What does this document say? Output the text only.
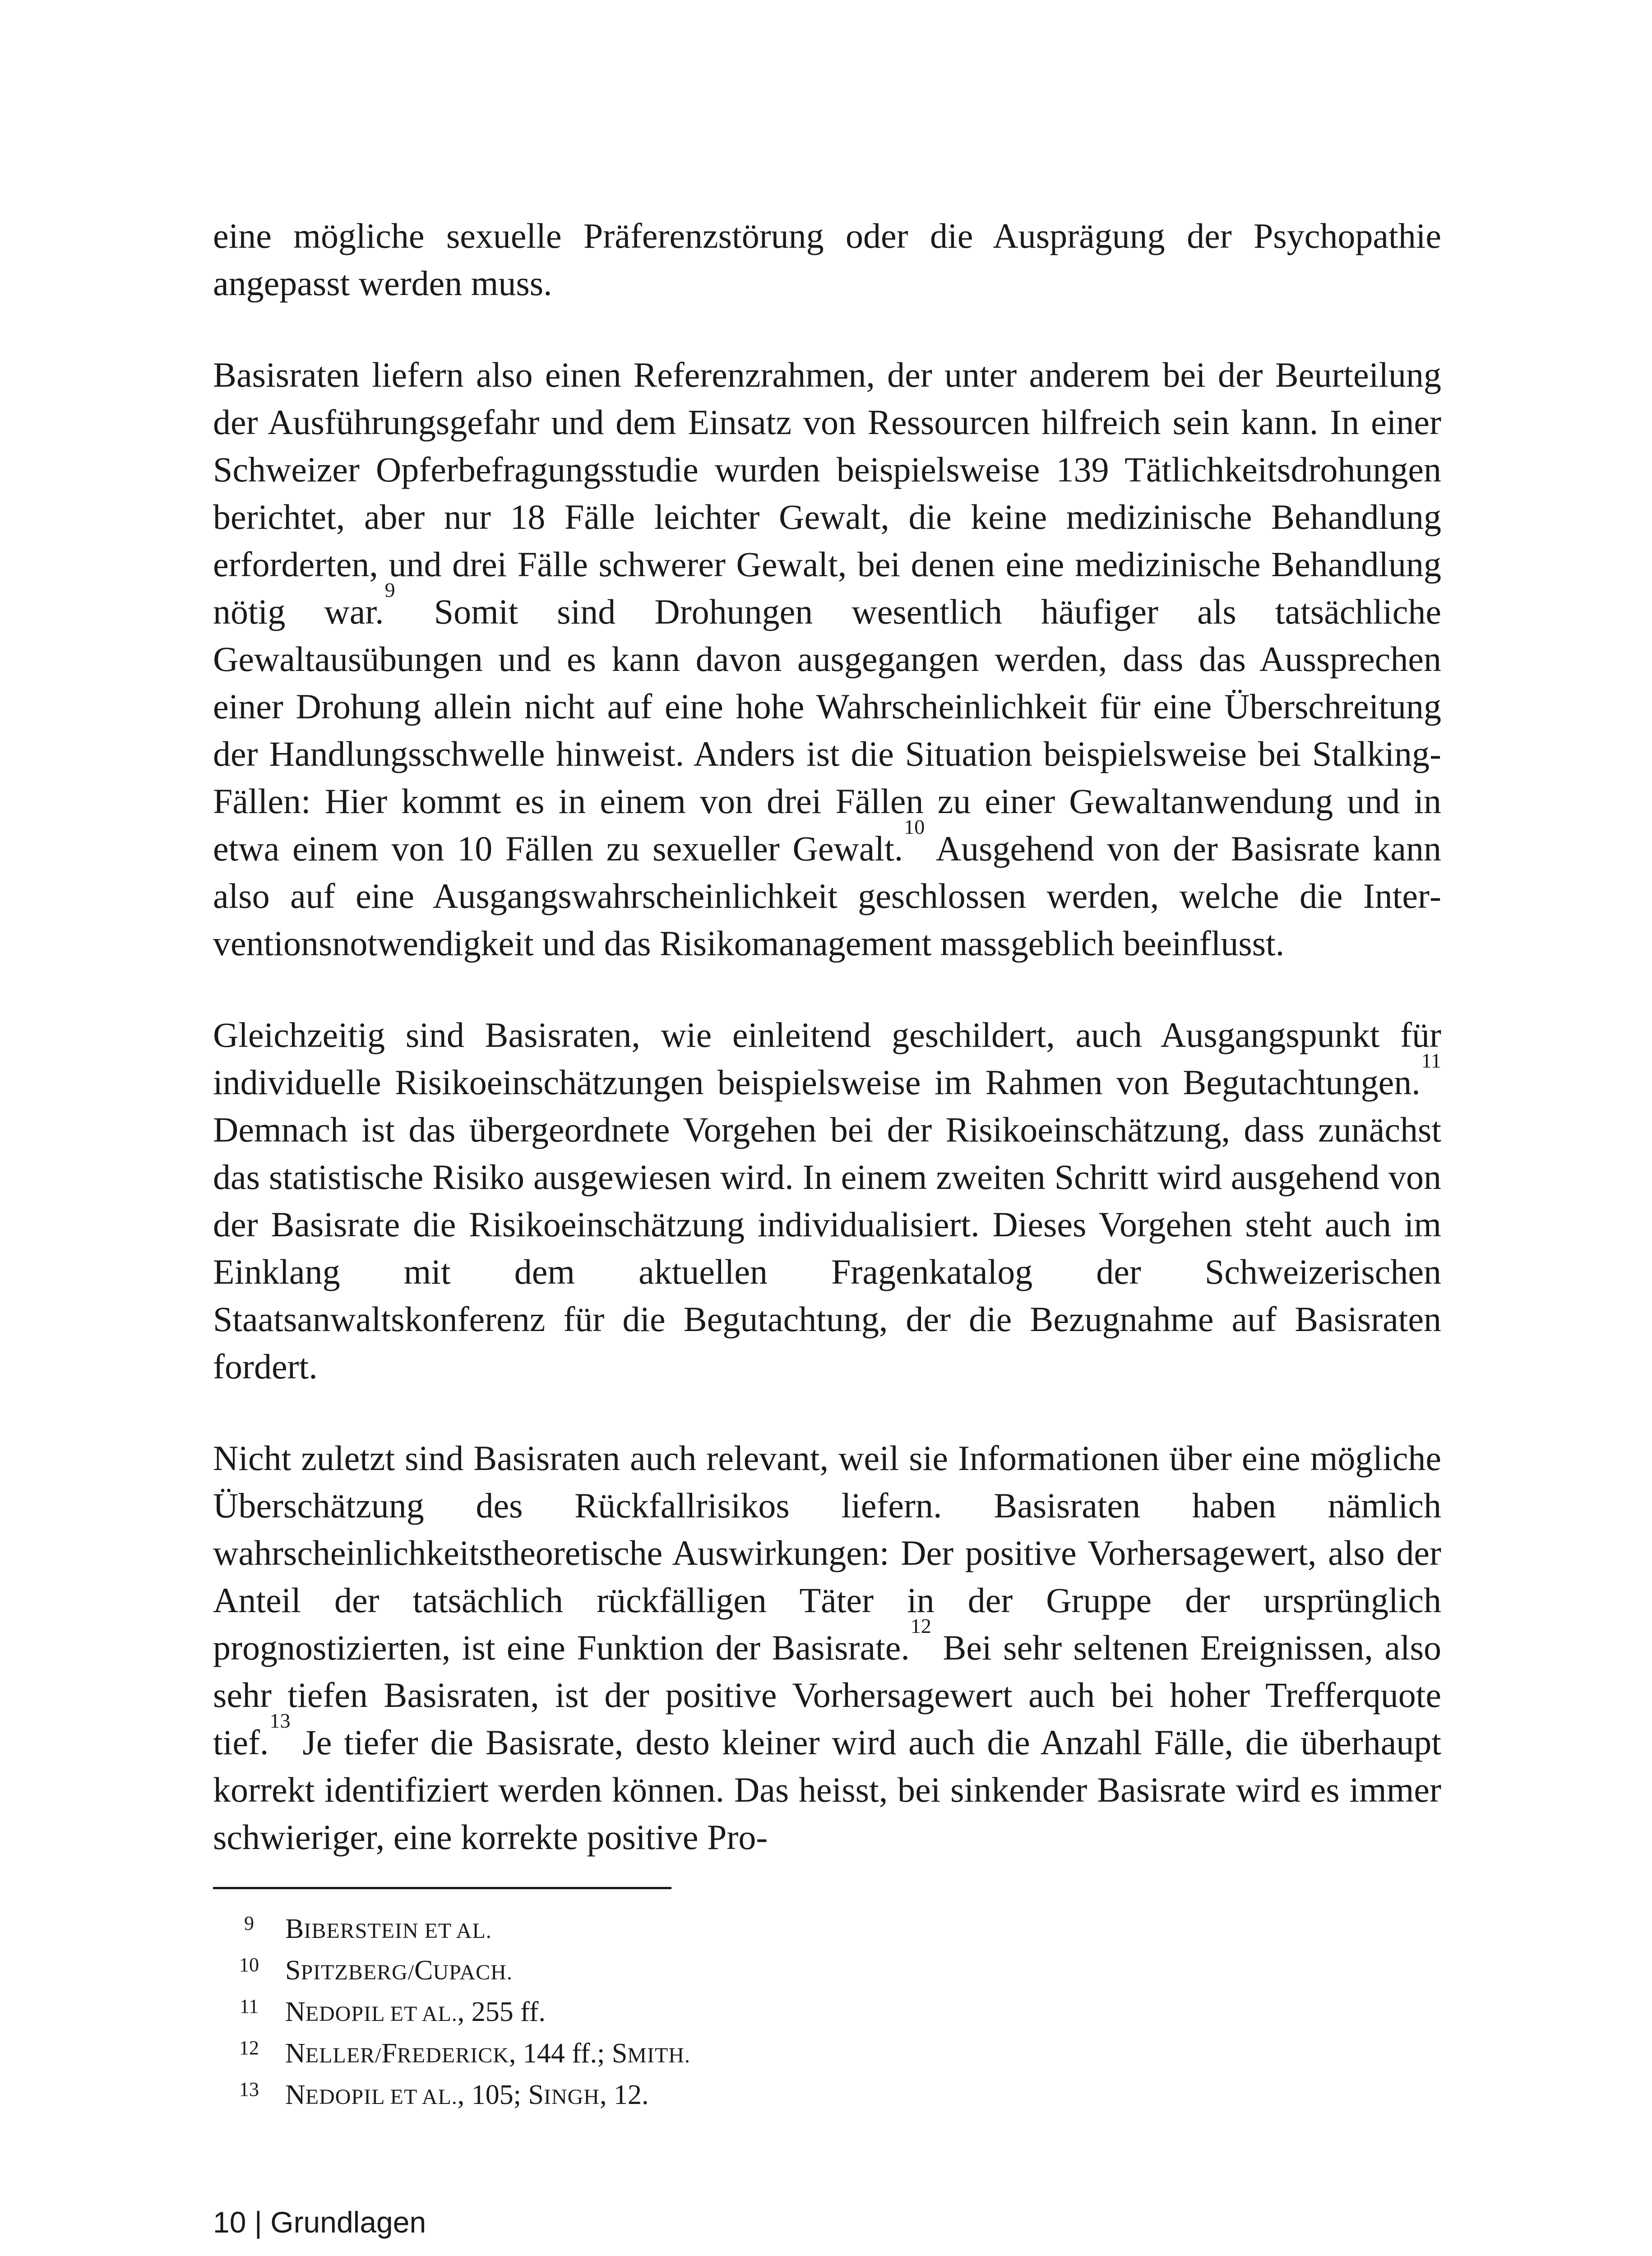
eine mögliche sexuelle Präferenzstörung oder die Ausprägung der Psychopathie angepasst werden muss.

Basisraten liefern also einen Referenzrahmen, der unter anderem bei der Beurteilung der Ausführungsgefahr und dem Einsatz von Ressourcen hilfreich sein kann. In einer Schweizer Opferbefragungsstudie wurden beispielsweise 139 Tätlichkeitsdrohungen berichtet, aber nur 18 Fälle leichter Gewalt, die keine medizinische Behandlung erforderten, und drei Fälle schwerer Gewalt, bei denen eine medizinische Behandlung nötig war.$^9$ Somit sind Drohungen wesentlich häufiger als tatsächliche Gewaltausübungen und es kann davon ausgegangen werden, dass das Aussprechen einer Drohung allein nicht auf eine hohe Wahrscheinlichkeit für eine Überschreitung der Handlungsschwelle hinweist. Anders ist die Situation beispielsweise bei Stalking-Fällen: Hier kommt es in einem von drei Fällen zu einer Gewaltanwendung und in etwa einem von 10 Fällen zu sexueller Gewalt.$^{10}$ Ausgehend von der Basisrate kann also auf eine Ausgangswahrscheinlichkeit geschlossen werden, welche die Interventionsnotwendigkeit und das Risikomanagement massgeblich beeinflusst.

Gleichzeitig sind Basisraten, wie einleitend geschildert, auch Ausgangspunkt für individuelle Risikoeinschätzungen beispielsweise im Rahmen von Begutachtungen.$^{11}$ Demnach ist das übergeordnete Vorgehen bei der Risikoeinschätzung, dass zunächst das statistische Risiko ausgewiesen wird. In einem zweiten Schritt wird ausgehend von der Basisrate die Risikoeinschätzung individualisiert. Dieses Vorgehen steht auch im Einklang mit dem aktuellen Fragenkatalog der Schweizerischen Staatsanwaltskonferenz für die Begutachtung, der die Bezugnahme auf Basisraten fordert.

Nicht zuletzt sind Basisraten auch relevant, weil sie Informationen über eine mögliche Überschätzung des Rückfallrisikos liefern. Basisraten haben nämlich wahrscheinlichkeitstheoretische Auswirkungen: Der positive Vorhersagewert, also der Anteil der tatsächlich rückfälligen Täter in der Gruppe der ursprünglich prognostizierten, ist eine Funktion der Basisrate.$^{12}$ Bei sehr seltenen Ereignissen, also sehr tiefen Basisraten, ist der positive Vorhersagewert auch bei hoher Trefferquote tief.$^{13}$ Je tiefer die Basisrate, desto kleiner wird auch die Anzahl Fälle, die überhaupt korrekt identifiziert werden können. Das heisst, bei sinkender Basisrate wird es immer schwieriger, eine korrekte positive Pro-

9	BIBERSTEIN ET AL.
10 SPITZBERG/CUPACH.
11 NEDOPIL ET AL., 255 ff.
12 NELLER/FREDERICK, 144 ff.; SMITH.
13 NEDOPIL ET AL., 105; SINGH, 12.
10 | Grundlagen
